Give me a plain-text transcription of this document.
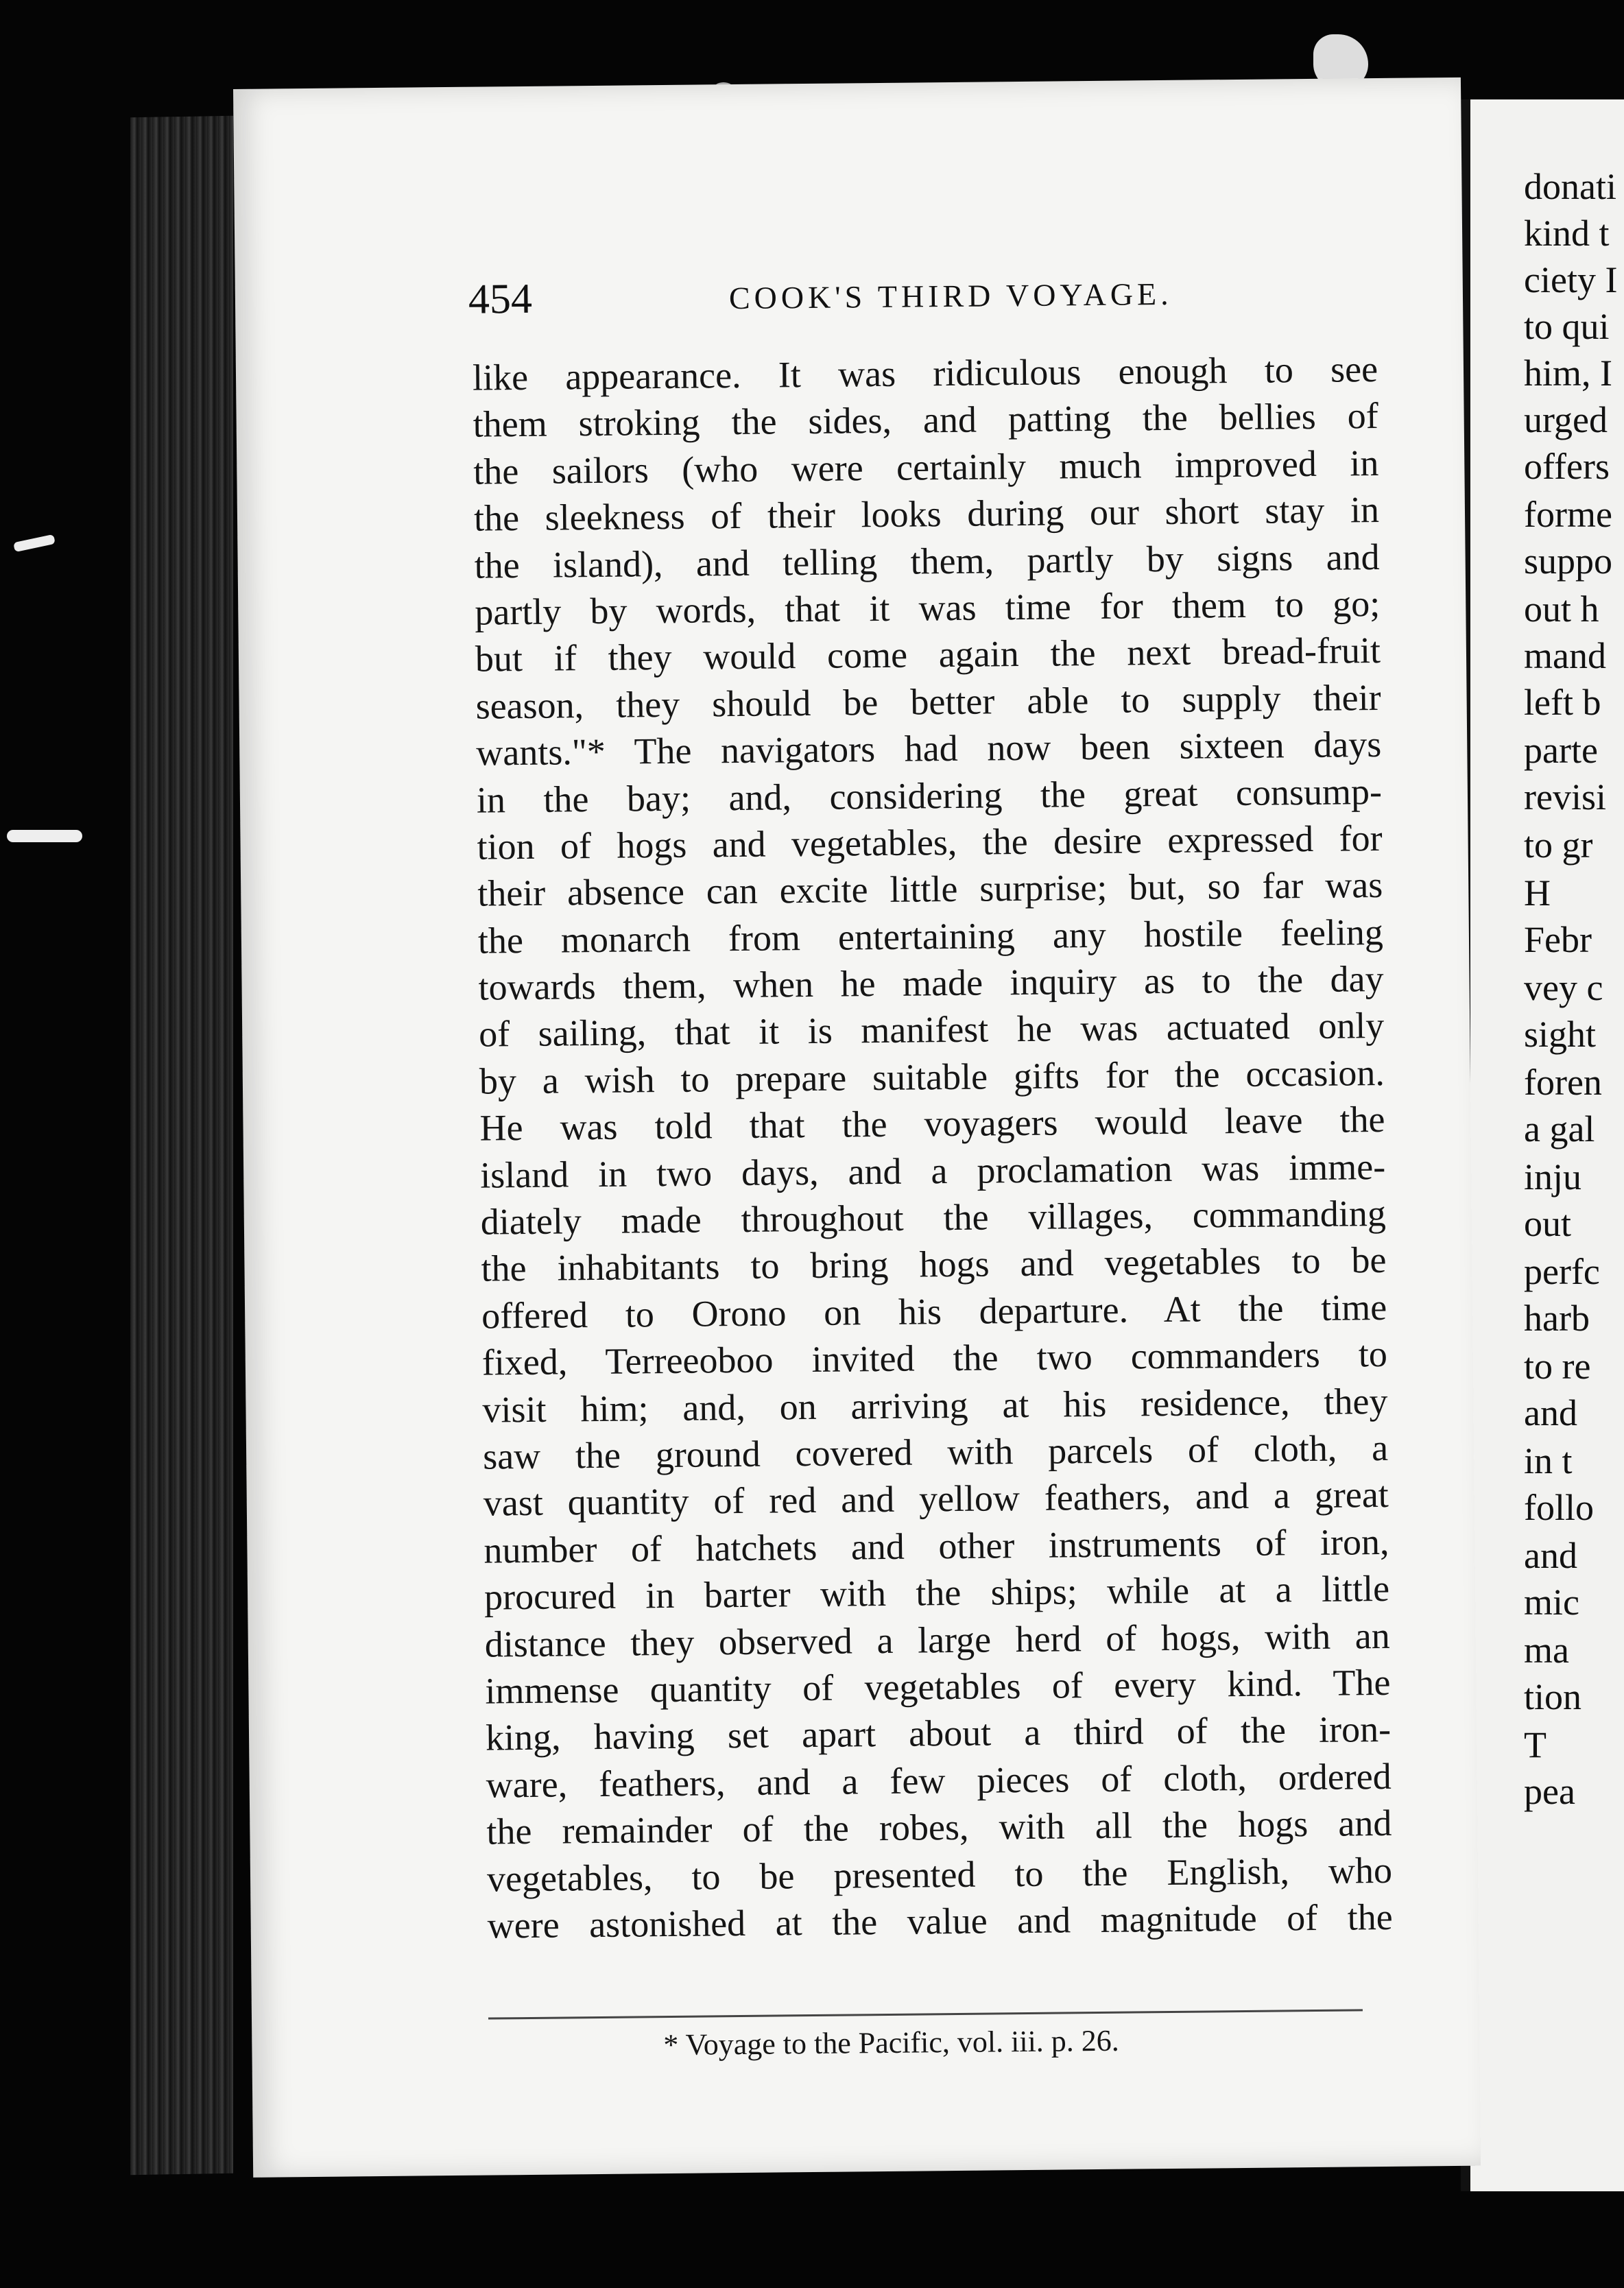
donati
kind t
ciety I
to qui
him, I
urged
offers
forme
suppo
out h
mand
left b
parte
revisi
to gr
H
Febr
vey c
sight
foren
a gal
inju
out
perfc
harb
to re
and
in t
follo
and
mic
ma
tion
T
pea
454	COOK'S THIRD VOYAGE.
like appearance. It was ridiculous enough to see
them stroking the sides, and patting the bellies of
the sailors (who were certainly much improved in
the sleekness of their looks during our short stay in
the island), and telling them, partly by signs and
partly by words, that it was time for them to go;
but if they would come again the next bread-fruit
season, they should be better able to supply their
wants."* The navigators had now been sixteen days
in the bay; and, considering the great consump-
tion of hogs and vegetables, the desire expressed for
their absence can excite little surprise; but, so far was
the monarch from entertaining any hostile feeling
towards them, when he made inquiry as to the day
of sailing, that it is manifest he was actuated only
by a wish to prepare suitable gifts for the occasion.
He was told that the voyagers would leave the
island in two days, and a proclamation was imme-
diately made throughout the villages, commanding
the inhabitants to bring hogs and vegetables to be
offered to Orono on his departure. At the time
fixed, Terreeoboo invited the two commanders to
visit him; and, on arriving at his residence, they
saw the ground covered with parcels of cloth, a
vast quantity of red and yellow feathers, and a great
number of hatchets and other instruments of iron,
procured in barter with the ships; while at a little
distance they observed a large herd of hogs, with an
immense quantity of vegetables of every kind. The
king, having set apart about a third of the iron-
ware, feathers, and a few pieces of cloth, ordered
the remainder of the robes, with all the hogs and
vegetables, to be presented to the English, who
were astonished at the value and magnitude of the
* Voyage to the Pacific, vol. iii. p. 26.
